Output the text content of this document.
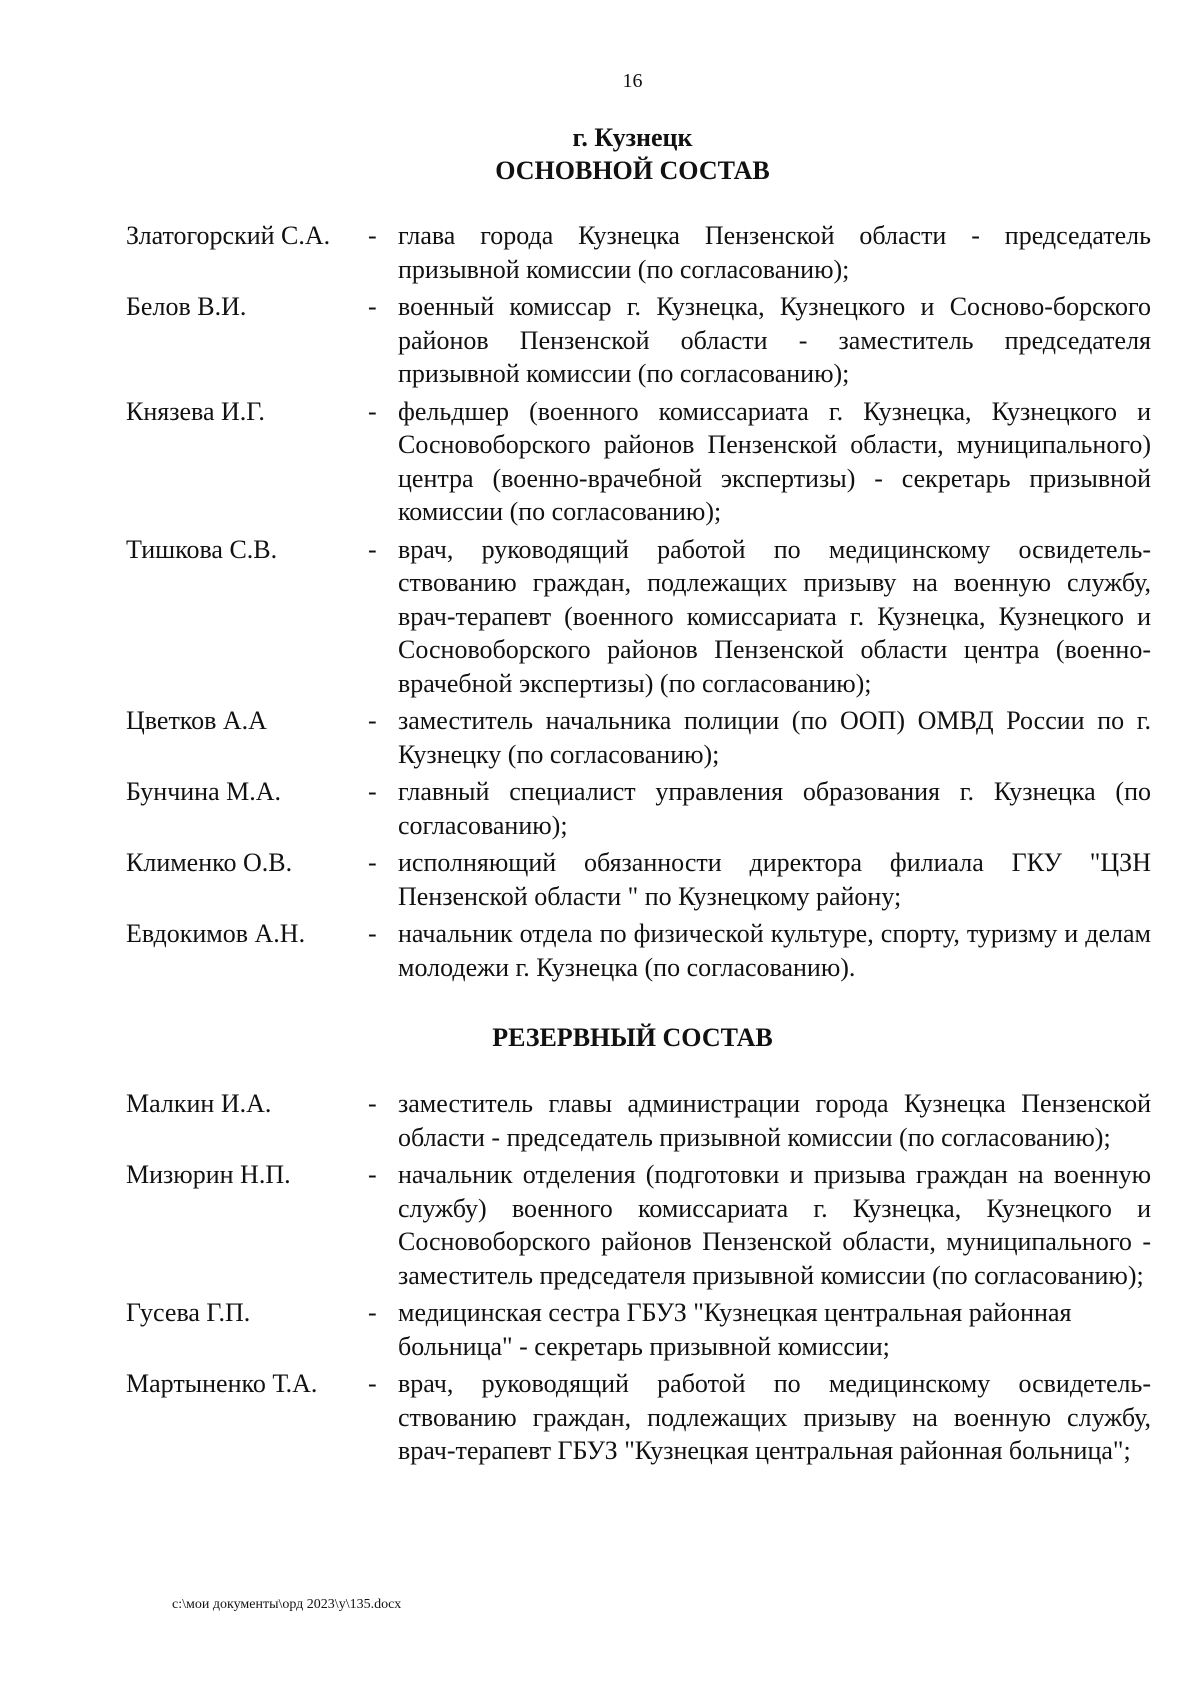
16
г. Кузнецк
ОСНОВНОЙ СОСТАВ
Златогорский С.А.	- глава города Кузнецка Пензенской области - председатель призывной комиссии (по согласованию);
Белов В.И.	- военный комиссар г. Кузнецка, Кузнецкого и Сосново-борского районов Пензенской области - заместитель председателя призывной комиссии (по согласованию);
Князева И.Г.	- фельдшер (военного комиссариата г. Кузнецка, Кузнецкого и Сосновоборского районов Пензенской области, муниципального) центра (военно-врачебной экспертизы) - секретарь призывной комиссии (по согласованию);
Тишкова С.В.	- врач, руководящий работой по медицинскому освидетель-ствованию граждан, подлежащих призыву на военную службу, врач-терапевт (военного комиссариата г. Кузнецка, Кузнецкого и Сосновоборского районов Пензенской области центра (военно-врачебной экспертизы) (по согласованию);
Цветков А.А	- заместитель начальника полиции (по ООП) ОМВД России по г. Кузнецку (по согласованию);
Бунчина М.А.	- главный специалист управления образования г. Кузнецка (по согласованию);
Клименко О.В.	- исполняющий обязанности директора филиала ГКУ "ЦЗН Пензенской области " по Кузнецкому району;
Евдокимов А.Н.	- начальник отдела по физической культуре, спорту, туризму и делам молодежи г. Кузнецка (по согласованию).
РЕЗЕРВНЫЙ СОСТАВ
Малкин И.А.	- заместитель главы администрации города Кузнецка Пензенской области - председатель призывной комиссии (по согласованию);
Мизюрин Н.П.	- начальник отделения (подготовки и призыва граждан на военную службу) военного комиссариата г. Кузнецка, Кузнецкого и Сосновоборского районов Пензенской области, муниципального - заместитель председателя призывной комиссии (по согласованию);
Гусева Г.П.	- медицинская сестра ГБУЗ "Кузнецкая центральная районная больница" - секретарь призывной комиссии;
Мартыненко Т.А.	- врач, руководящий работой по медицинскому освидетель-ствованию граждан, подлежащих призыву на военную службу, врач-терапевт ГБУЗ "Кузнецкая центральная районная больница";
c:\мои документы\орд 2023\у\135.docx
